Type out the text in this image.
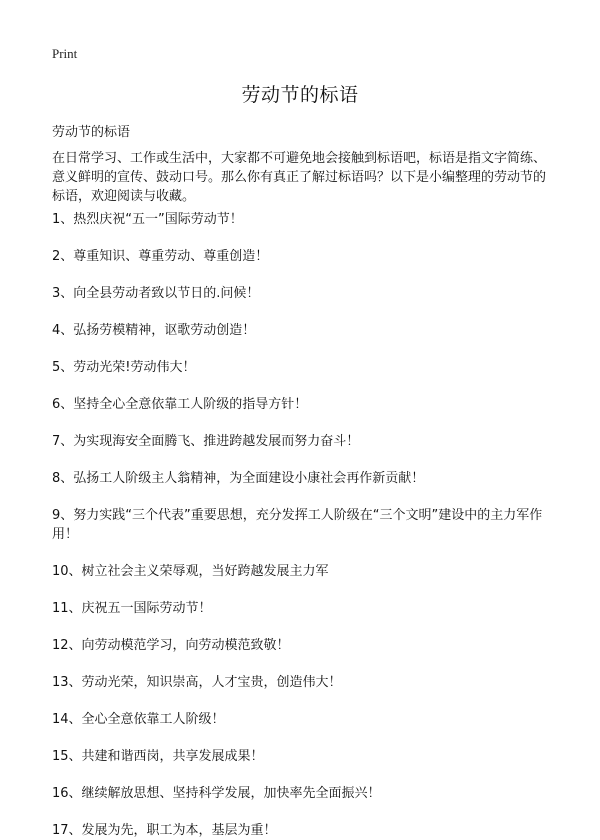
Print
劳动节的标语

劳动节的标语

在日常学习、工作或生活中，大家都不可避免地会接触到标语吧，标语是指文字简练、意义鲜明的宣传、鼓动口号。那么你有真正了解过标语吗？以下是小编整理的劳动节的标语，欢迎阅读与收藏。

1、热烈庆祝“五一”国际劳动节！
2、尊重知识、尊重劳动、尊重创造！
3、向全县劳动者致以节日的.问候！
4、弘扬劳模精神，讴歌劳动创造！
5、劳动光荣!劳动伟大！
6、坚持全心全意依靠工人阶级的指导方针！
7、为实现海安全面腾飞、推进跨越发展而努力奋斗！
8、弘扬工人阶级主人翁精神，为全面建设小康社会再作新贡献！
9、努力实践“三个代表”重要思想，充分发挥工人阶级在“三个文明”建设中的主力军作用！
10、树立社会主义荣辱观，当好跨越发展主力军
11、庆祝五一国际劳动节！
12、向劳动模范学习，向劳动模范致敬！
13、劳动光荣，知识崇高，人才宝贵，创造伟大！
14、全心全意依靠工人阶级！
15、共建和谐西岗，共享发展成果！
16、继续解放思想、坚持科学发展，加快率先全面振兴！
17、发展为先，职工为本，基层为重！
